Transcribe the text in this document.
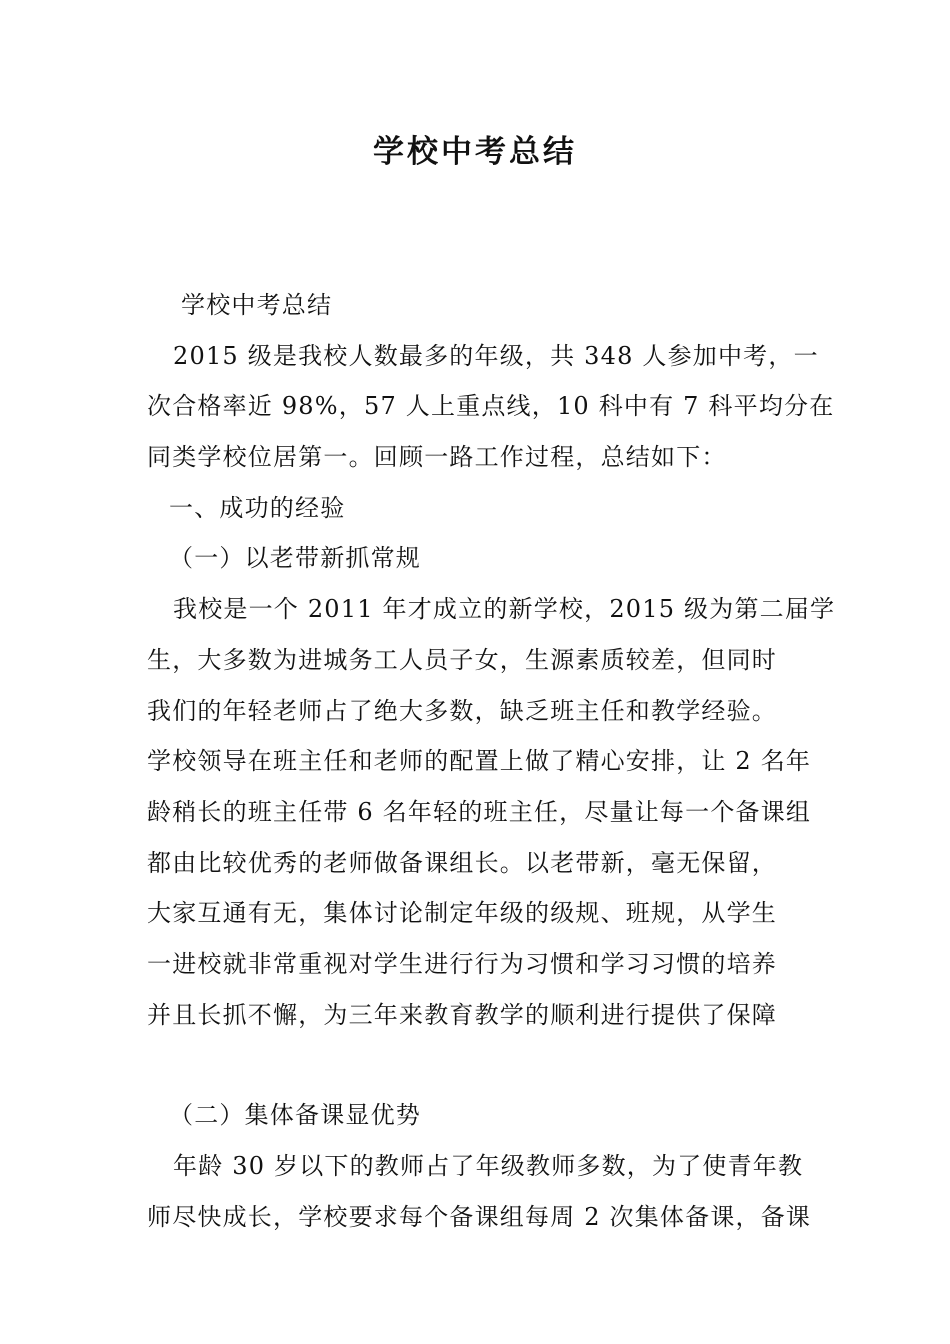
学校中考总结
学校中考总结
2015 级是我校人数最多的年级，共 348 人参加中考，一
次合格率近 98%，57 人上重点线，10 科中有 7 科平均分在
同类学校位居第一。回顾一路工作过程，总结如下：
一、成功的经验
（一）以老带新抓常规
我校是一个 2011 年才成立的新学校，2015 级为第二届学
生，大多数为进城务工人员子女，生源素质较差，但同时
我们的年轻老师占了绝大多数，缺乏班主任和教学经验。
学校领导在班主任和老师的配置上做了精心安排，让 2 名年
龄稍长的班主任带 6 名年轻的班主任，尽量让每一个备课组
都由比较优秀的老师做备课组长。以老带新，毫无保留，
大家互通有无，集体讨论制定年级的级规、班规，从学生
一进校就非常重视对学生进行行为习惯和学习习惯的培养
并且长抓不懈，为三年来教育教学的顺利进行提供了保障
（二）集体备课显优势
年龄 30 岁以下的教师占了年级教师多数，为了使青年教
师尽快成长，学校要求每个备课组每周 2 次集体备课，备课
